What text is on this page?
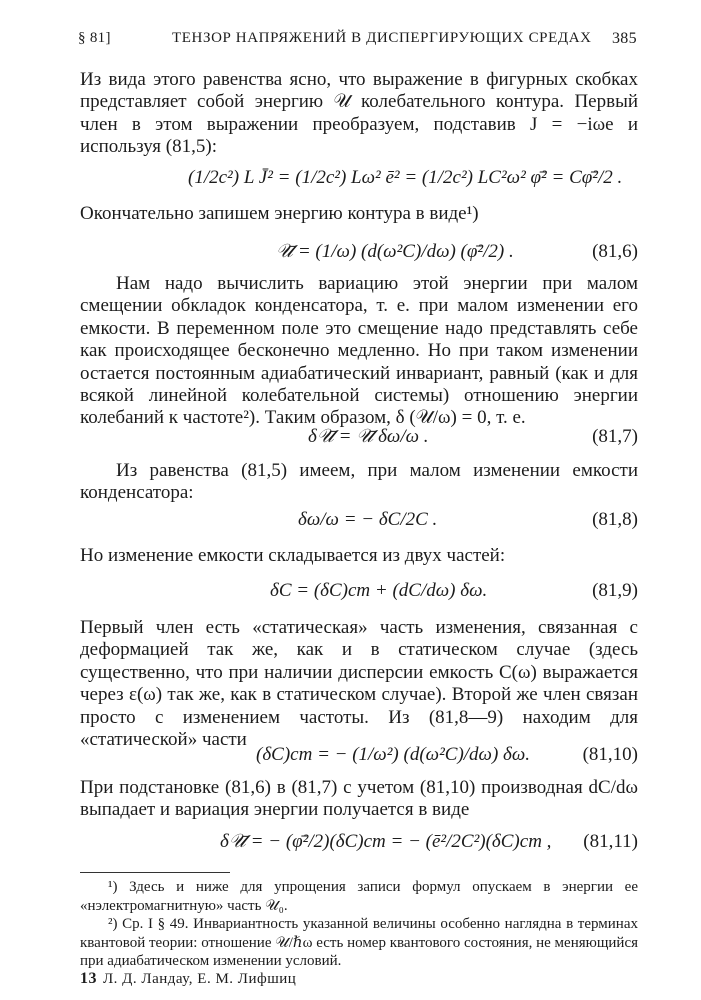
§ 81]	ТЕНЗОР НАПРЯЖЕНИЙ В ДИСПЕРГИРУЮЩИХ СРЕДАХ 385
Из вида этого равенства ясно, что выражение в фигурных скобках представляет собой энергию 𝒰 колебательного контура. Первый член в этом выражении преобразуем, подставив J = −iωe и используя (81,5):
(1/2c²) L J̄² = (1/2c²) Lω² ē² = (1/2c²) LC²ω² φ̄² = Cφ̄²/2 .
Окончательно запишем энергию контура в виде¹)
𝒰̄ = (1/ω) (d(ω²C)/dω) (φ̄²/2) .	(81,6)
Нам надо вычислить вариацию этой энергии при малом смещении обкладок конденсатора, т. е. при малом изменении его емкости. В переменном поле это смещение надо представлять себе как происходящее бесконечно медленно. Но при таком изменении остается постоянным адиабатический инвариант, равный (как и для всякой линейной колебательной системы) отношению энергии колебаний к частоте²). Таким образом, δ (𝒰/ω) = 0, т. е.
δ𝒰̄ = 𝒰̄ δω/ω .	(81,7)
Из равенства (81,5) имеем, при малом изменении емкости конденсатора:
δω/ω = − δC/2C .	(81,8)
Но изменение емкости складывается из двух частей:
δC = (δC)ст + (dC/dω) δω.	(81,9)
Первый член есть «статическая» часть изменения, связанная с деформацией так же, как и в статическом случае (здесь существенно, что при наличии дисперсии емкость C(ω) выражается через ε(ω) так же, как в статическом случае). Второй же член связан просто с изменением частоты. Из (81,8—9) находим для «статической» части
(δC)ст = − (1/ω²) (d(ω²C)/dω) δω.	(81,10)
При подстановке (81,6) в (81,7) с учетом (81,10) производная dC/dω выпадает и вариация энергии получается в виде
δ𝒰̄ = − (φ̄²/2)(δC)ст = − (ē²/2C²)(δC)ст , (81,11)
¹) Здесь и ниже для упрощения записи формул опускаем в энергии ее «нэлектромагнитную» часть 𝒰₀.
²) Ср. I § 49. Инвариантность указанной величины особенно наглядна в терминах квантовой теории: отношение 𝒰/ℏω есть номер квантового состояния, не меняющийся при адиабатическом изменении условий.
13 Л. Д. Ландау, Е. М. Лифшиц
